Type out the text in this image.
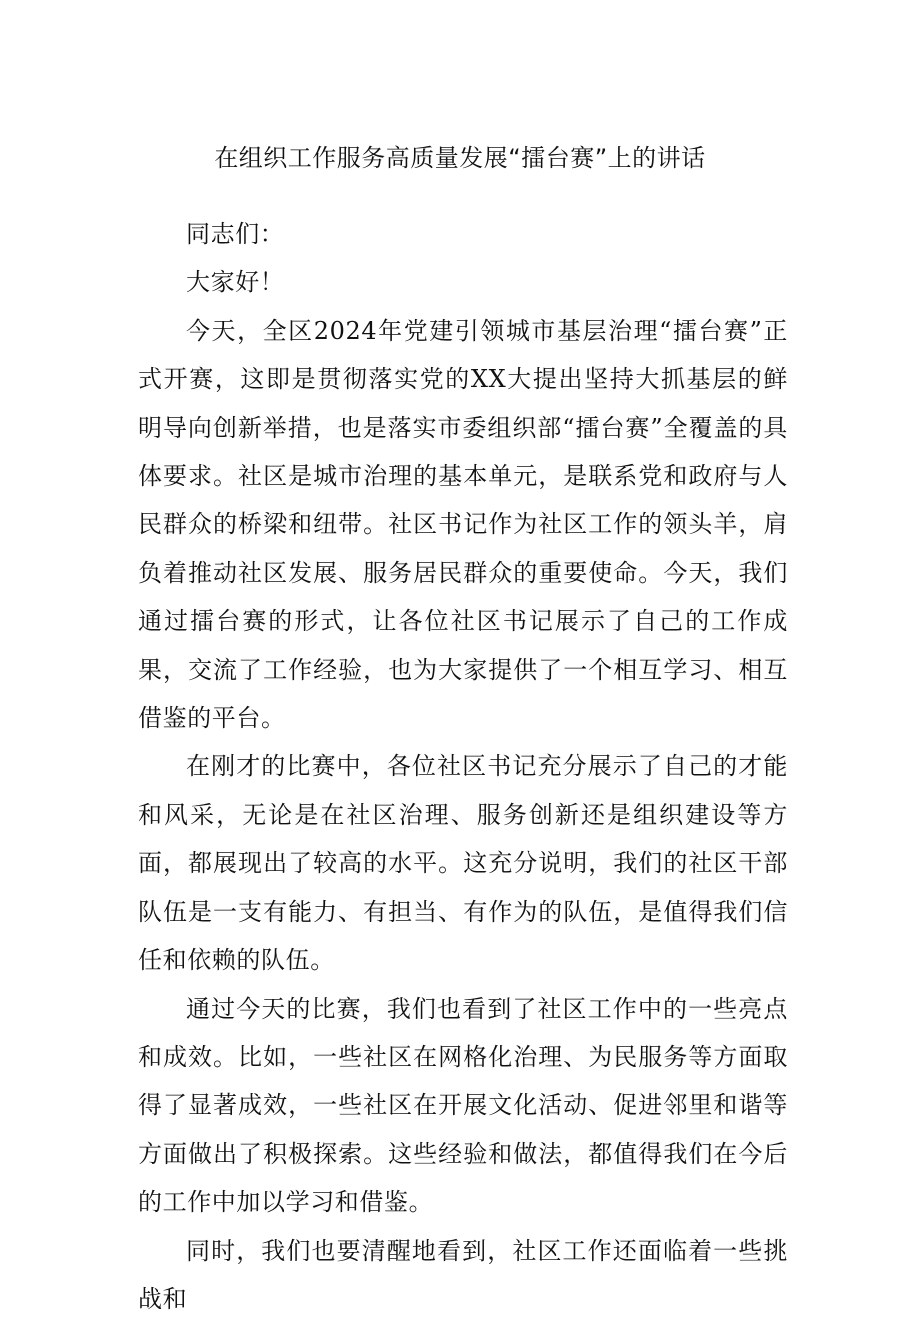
在组织工作服务高质量发展“擂台赛”上的讲话

同志们：

大家好！

今天，全区2024年党建引领城市基层治理“擂台赛”正式开赛，这即是贯彻落实党的XX大提出坚持大抓基层的鲜明导向创新举措，也是落实市委组织部“擂台赛”全覆盖的具体要求。社区是城市治理的基本单元，是联系党和政府与人民群众的桥梁和纽带。社区书记作为社区工作的领头羊，肩负着推动社区发展、服务居民群众的重要使命。今天，我们通过擂台赛的形式，让各位社区书记展示了自己的工作成果，交流了工作经验，也为大家提供了一个相互学习、相互借鉴的平台。

在刚才的比赛中，各位社区书记充分展示了自己的才能和风采，无论是在社区治理、服务创新还是组织建设等方面，都展现出了较高的水平。这充分说明，我们的社区干部队伍是一支有能力、有担当、有作为的队伍，是值得我们信任和依赖的队伍。

通过今天的比赛，我们也看到了社区工作中的一些亮点和成效。比如，一些社区在网格化治理、为民服务等方面取得了显著成效，一些社区在开展文化活动、促进邻里和谐等方面做出了积极探索。这些经验和做法，都值得我们在今后的工作中加以学习和借鉴。

同时，我们也要清醒地看到，社区工作还面临着一些挑战和
